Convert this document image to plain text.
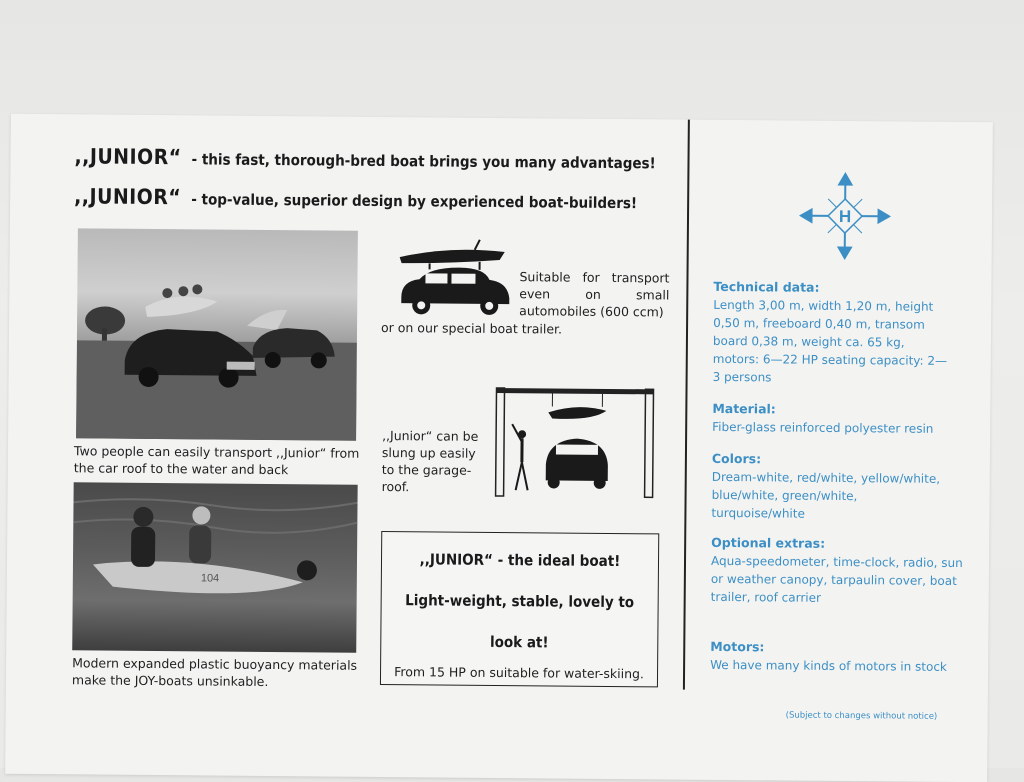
,,JUNIOR“ - this fast, thorough-bred boat brings you many advantages!
,,JUNIOR“ - top-value, superior design by experienced boat-builders!
Two people can easily transport ,,Junior“ from the car roof to the water and back
104
Modern expanded plastic buoyancy materials make the JOY-boats unsinkable.
Suitable for transport even on small automobiles (600 ccm)
or on our special boat trailer.
,,Junior“ can be slung up easily to the garage-roof.
,,JUNIOR“ - the ideal boat!
Light-weight, stable, lovely to
look at!
From 15 HP on suitable for water-skiing.
H
Technical data:
Length 3,00 m, width 1,20 m, height 0,50 m, freeboard 0,40 m, transom board 0,38 m, weight ca. 65 kg, motors: 6—22 HP seating capacity: 2—3 persons
Material:
Fiber-glass reinforced polyester resin
Colors:
Dream-white, red/white, yellow/white, blue/white, green/white, turquoise/white
Optional extras:
Aqua-speedometer, time-clock, radio, sun or weather canopy, tarpaulin cover, boat trailer, roof carrier
Motors:
We have many kinds of motors in stock
(Subject to changes without notice)
